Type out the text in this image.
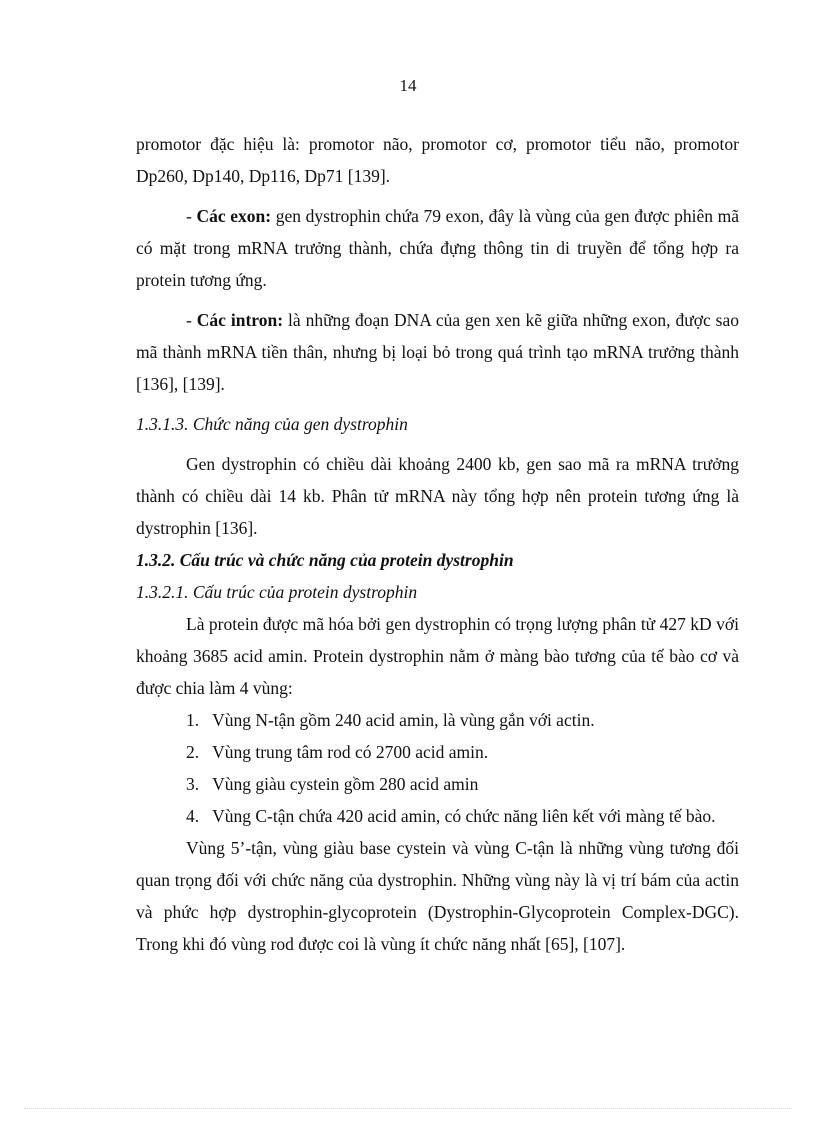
14

promotor đặc hiệu là: promotor não, promotor cơ, promotor tiểu não, promotor Dp260, Dp140, Dp116, Dp71 [139].

- Các exon: gen dystrophin chứa 79 exon, đây là vùng của gen được phiên mã có mặt trong mRNA trưởng thành, chứa đựng thông tin di truyền để tổng hợp ra protein tương ứng.

- Các intron: là những đoạn DNA của gen xen kẽ giữa những exon, được sao mã thành mRNA tiền thân, nhưng bị loại bỏ trong quá trình tạo mRNA trưởng thành [136], [139].

1.3.1.3. Chức năng của gen dystrophin

Gen dystrophin có chiều dài khoảng 2400 kb, gen sao mã ra mRNA trưởng thành có chiều dài 14 kb. Phân tử mRNA này tổng hợp nên protein tương ứng là dystrophin [136].

1.3.2. Cấu trúc và chức năng của protein dystrophin
1.3.2.1. Cấu trúc của protein dystrophin

Là protein được mã hóa bởi gen dystrophin có trọng lượng phân tử 427 kD với khoảng 3685 acid amin. Protein dystrophin nằm ở màng bào tương của tế bào cơ và được chia làm 4 vùng:

1. Vùng N-tận gồm 240 acid amin, là vùng gắn với actin.
2. Vùng trung tâm rod có 2700 acid amin.
3. Vùng giàu cystein gồm 280 acid amin
4. Vùng C-tận chứa 420 acid amin, có chức năng liên kết với màng tế bào.

Vùng 5’-tận, vùng giàu base cystein và vùng C-tận là những vùng tương đối quan trọng đối với chức năng của dystrophin. Những vùng này là vị trí bám của actin và phức hợp dystrophin-glycoprotein (Dystrophin-Glycoprotein Complex-DGC). Trong khi đó vùng rod được coi là vùng ít chức năng nhất [65], [107].
